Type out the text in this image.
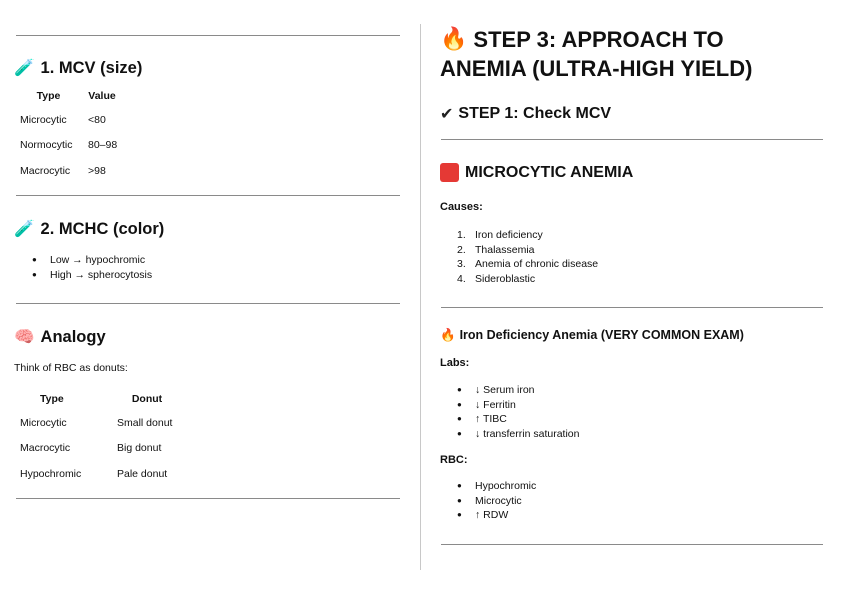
🧪 1. MCV (size)
Type	Value
Microcytic	<80
Normocytic	80–98
Macrocytic	>98
🧪 2. MCHC (color)
● Low → hypochromic
● High → spherocytosis
🧠 Analogy
Think of RBC as donuts:
Type	Donut
Microcytic	Small donut
Macrocytic	Big donut
Hypochromic	Pale donut
🔥 STEP 3: APPROACH TO
ANEMIA (ULTRA-HIGH YIELD)
✔ STEP 1: Check MCV
MICROCYTIC ANEMIA
Causes:
1. Iron deficiency
2. Thalassemia
3. Anemia of chronic disease
4. Sideroblastic
🔥 Iron Deficiency Anemia (VERY COMMON EXAM)
Labs:
● ↓ Serum iron
● ↓ Ferritin
● ↑ TIBC
● ↓ transferrin saturation
RBC:
● Hypochromic
● Microcytic
● ↑ RDW
